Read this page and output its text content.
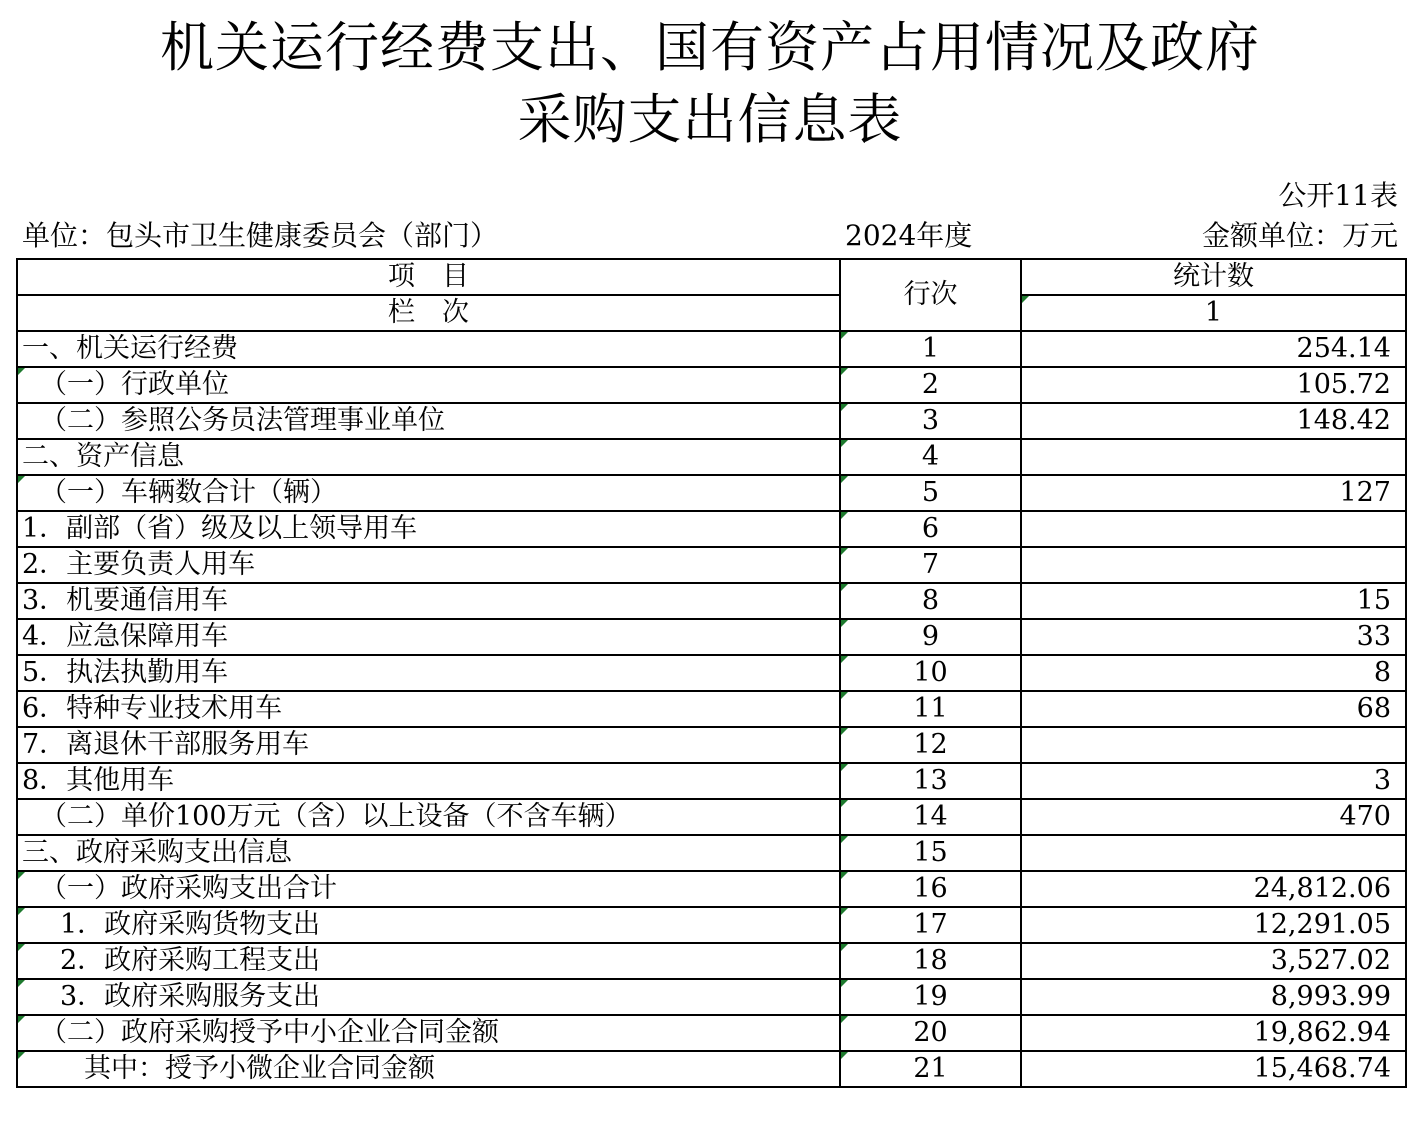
机关运行经费支出、国有资产占用情况及政府
采购支出信息表
公开11表
单位：包头市卫生健康委员会（部门）	2024年度	金额单位：万元
项　目	行次	统计数
栏　次		1
一、机关运行经费	1	254.14
（一）行政单位	2	105.72
（二）参照公务员法管理事业单位	3	148.42
二、资产信息	4	
（一）车辆数合计（辆）	5	127
1．副部（省）级及以上领导用车	6	
2．主要负责人用车	7	
3．机要通信用车	8	15
4．应急保障用车	9	33
5．执法执勤用车	10	8
6．特种专业技术用车	11	68
7．离退休干部服务用车	12	
8．其他用车	13	3
（二）单价100万元（含）以上设备（不含车辆）	14	470
三、政府采购支出信息	15	
（一）政府采购支出合计	16	24,812.06
1．政府采购货物支出	17	12,291.05
2．政府采购工程支出	18	3,527.02
3．政府采购服务支出	19	8,993.99
（二）政府采购授予中小企业合同金额	20	19,862.94
其中：授予小微企业合同金额	21	15,468.74
